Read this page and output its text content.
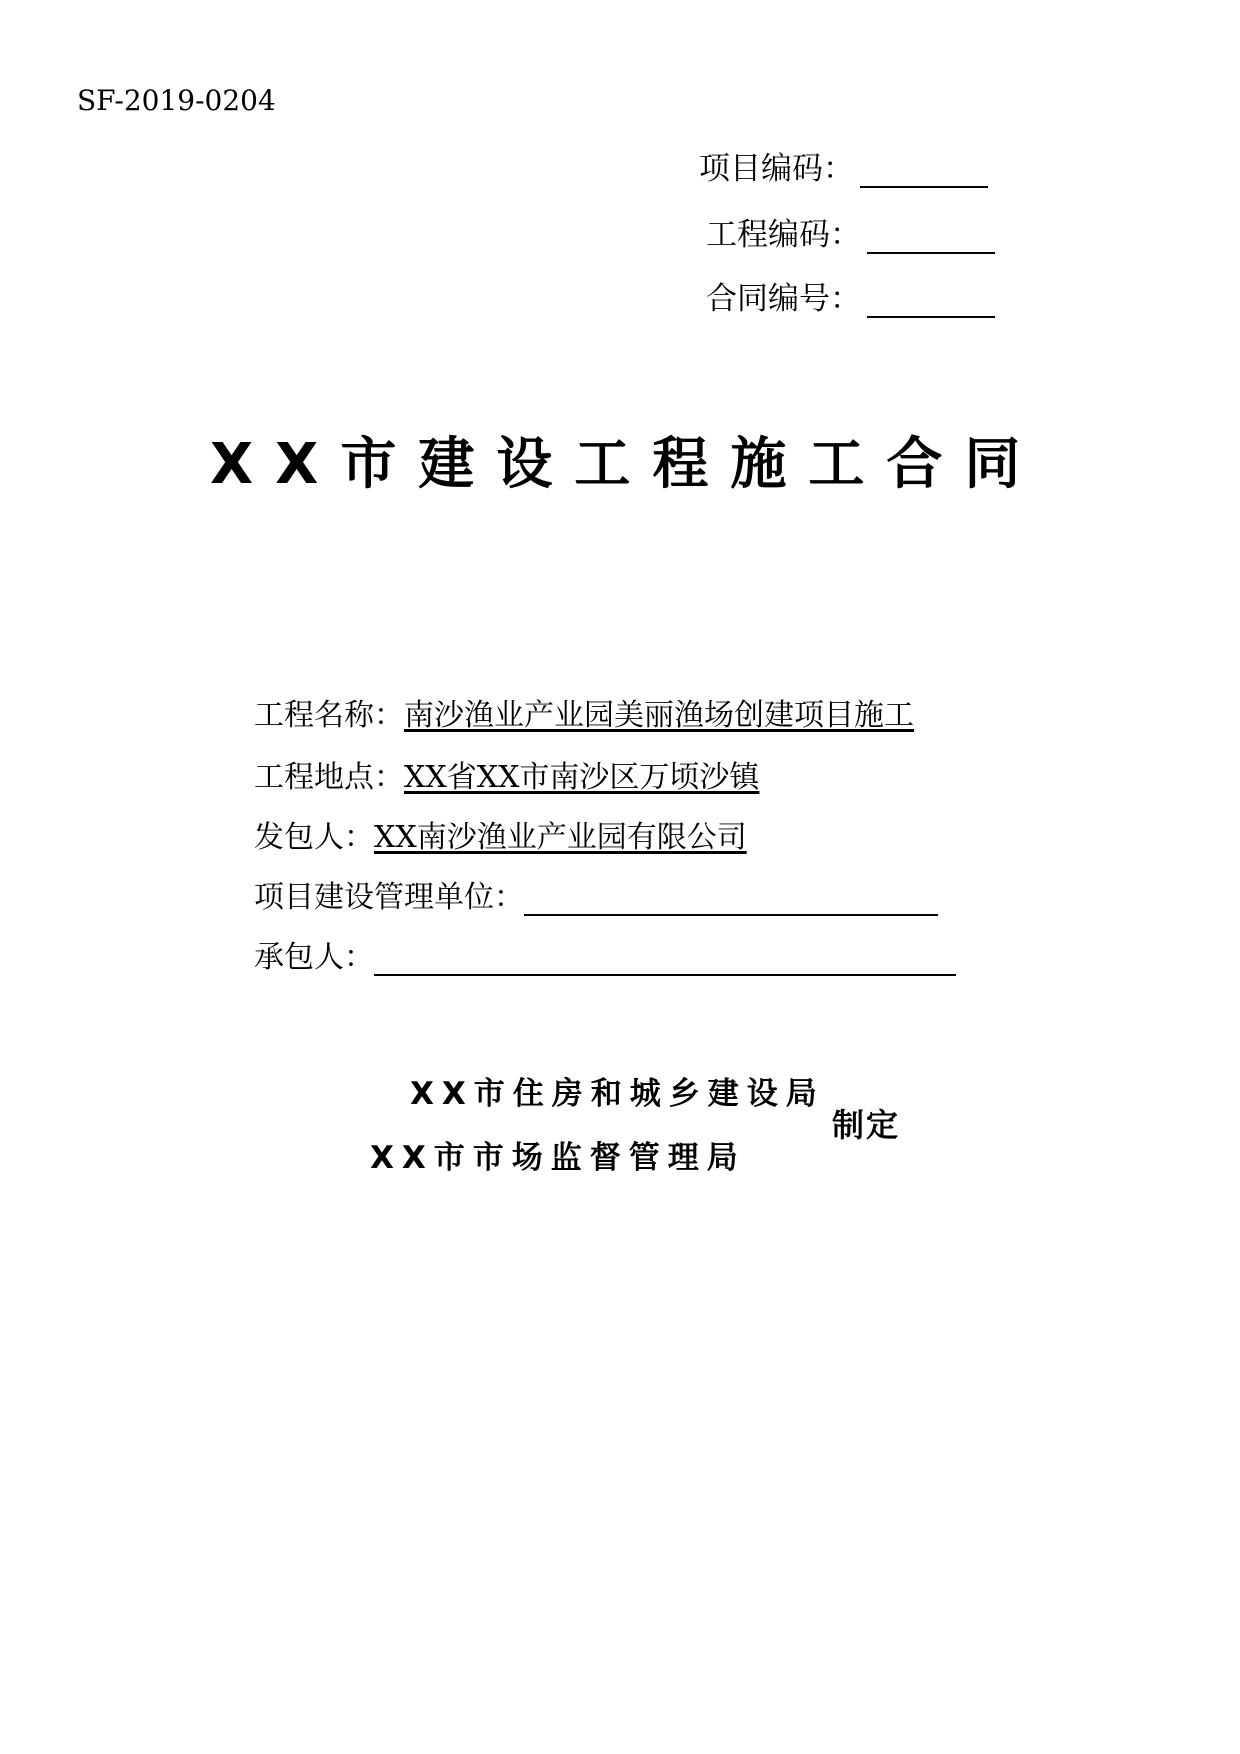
SF-2019-0204
项目编码：
工程编码：
合同编号：
XX市建设工程施工合同
工程名称： 南沙渔业产业园美丽渔场创建项目施工
工程地点： XX省XX市南沙区万顷沙镇
发包人： XX南沙渔业产业园有限公司
项目建设管理单位：
承包人：
XX市住房和城乡建设局
XX市市场监督管理局
制定
